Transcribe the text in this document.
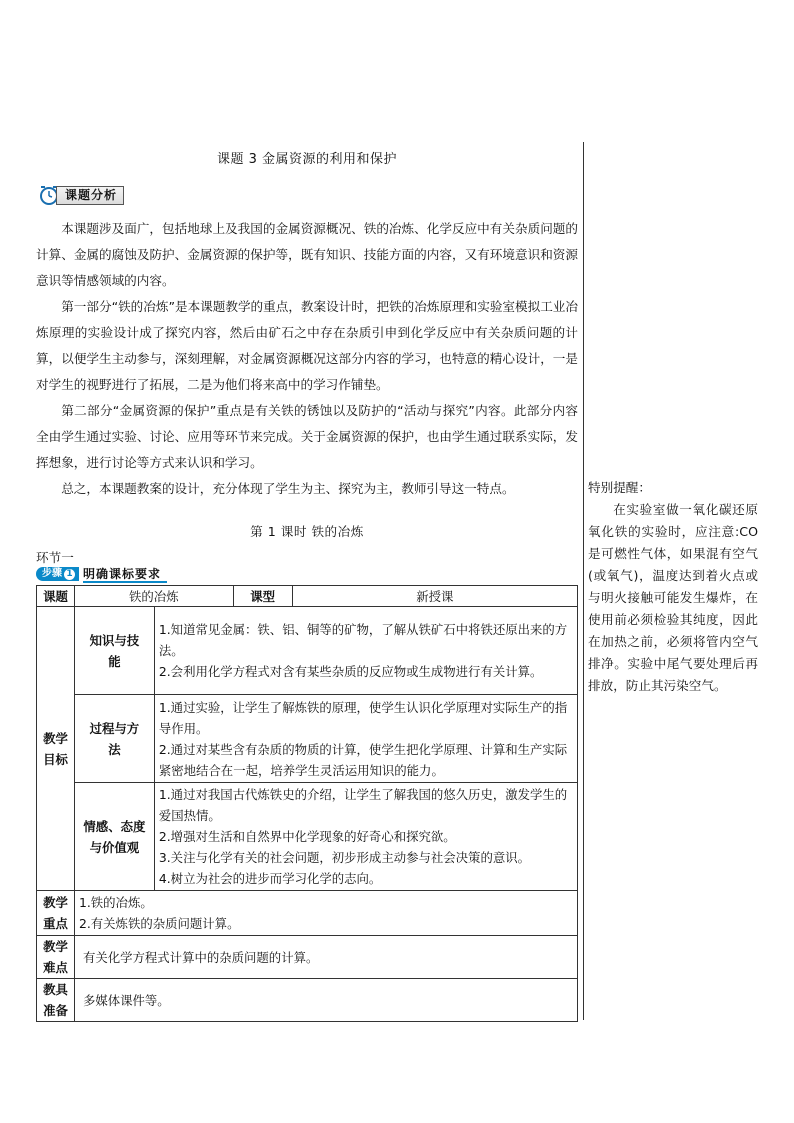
课题 3 金属资源的利用和保护
课题分析

本课题涉及面广，包括地球上及我国的金属资源概况、铁的冶炼、化学反应中有关杂质问题的计算、金属的腐蚀及防护、金属资源的保护等，既有知识、技能方面的内容，又有环境意识和资源意识等情感领域的内容。

第一部分“铁的冶炼”是本课题教学的重点，教案设计时，把铁的冶炼原理和实验室模拟工业冶炼原理的实验设计成了探究内容，然后由矿石之中存在杂质引申到化学反应中有关杂质问题的计算，以便学生主动参与，深刻理解，对金属资源概况这部分内容的学习，也特意的精心设计，一是对学生的视野进行了拓展，二是为他们将来高中的学习作铺垫。

第二部分“金属资源的保护”重点是有关铁的锈蚀以及防护的“活动与探究”内容。此部分内容全由学生通过实验、讨论、应用等环节来完成。关于金属资源的保护，也由学生通过联系实际，发挥想象，进行讨论等方式来认识和学习。

总之，本课题教案的设计，充分体现了学生为主、探究为主，教师引导这一特点。

第 1 课时 铁的冶炼
环节一
步骤 1 明确课标要求
课题	铁的冶炼		课型	新授课
教学目标	知识与技能	1.知道常见金属：铁、铝、铜等的矿物，了解从铁矿石中将铁还原出来的方法。
2.会利用化学方程式对含有某些杂质的反应物或生成物进行有关计算。		

	过程与方法	1.通过实验，让学生了解炼铁的原理，使学生认识化学原理对实际生产的指导作用。
2.通过对某些含有杂质的物质的计算，使学生把化学原理、计算和生产实际紧密地结合在一起，培养学生灵活运用知识的能力。		

	情感、态度与价值观	1.通过对我国古代炼铁史的介绍，让学生了解我国的悠久历史，激发学生的爱国热情。
2.增强对生活和自然界中化学现象的好奇心和探究欲。
3.关注与化学有关的社会问题，初步形成主动参与社会决策的意识。
4.树立为社会的进步而学习化学的志向。		

教学重点	1.铁的冶炼。
2.有关炼铁的杂质问题计算。			

教学难点	有关化学方程式计算中的杂质问题的计算。			
教具准备	多媒体课件等。			

特别提醒：

在实验室做一氧化碳还原氧化铁的实验时，应注意:CO 是可燃性气体，如果混有空气(或氧气)，温度达到着火点或与明火接触可能发生爆炸，在使用前必须检验其纯度，因此在加热之前，必须将管内空气排净。实验中尾气要处理后再排放，防止其污染空气。
